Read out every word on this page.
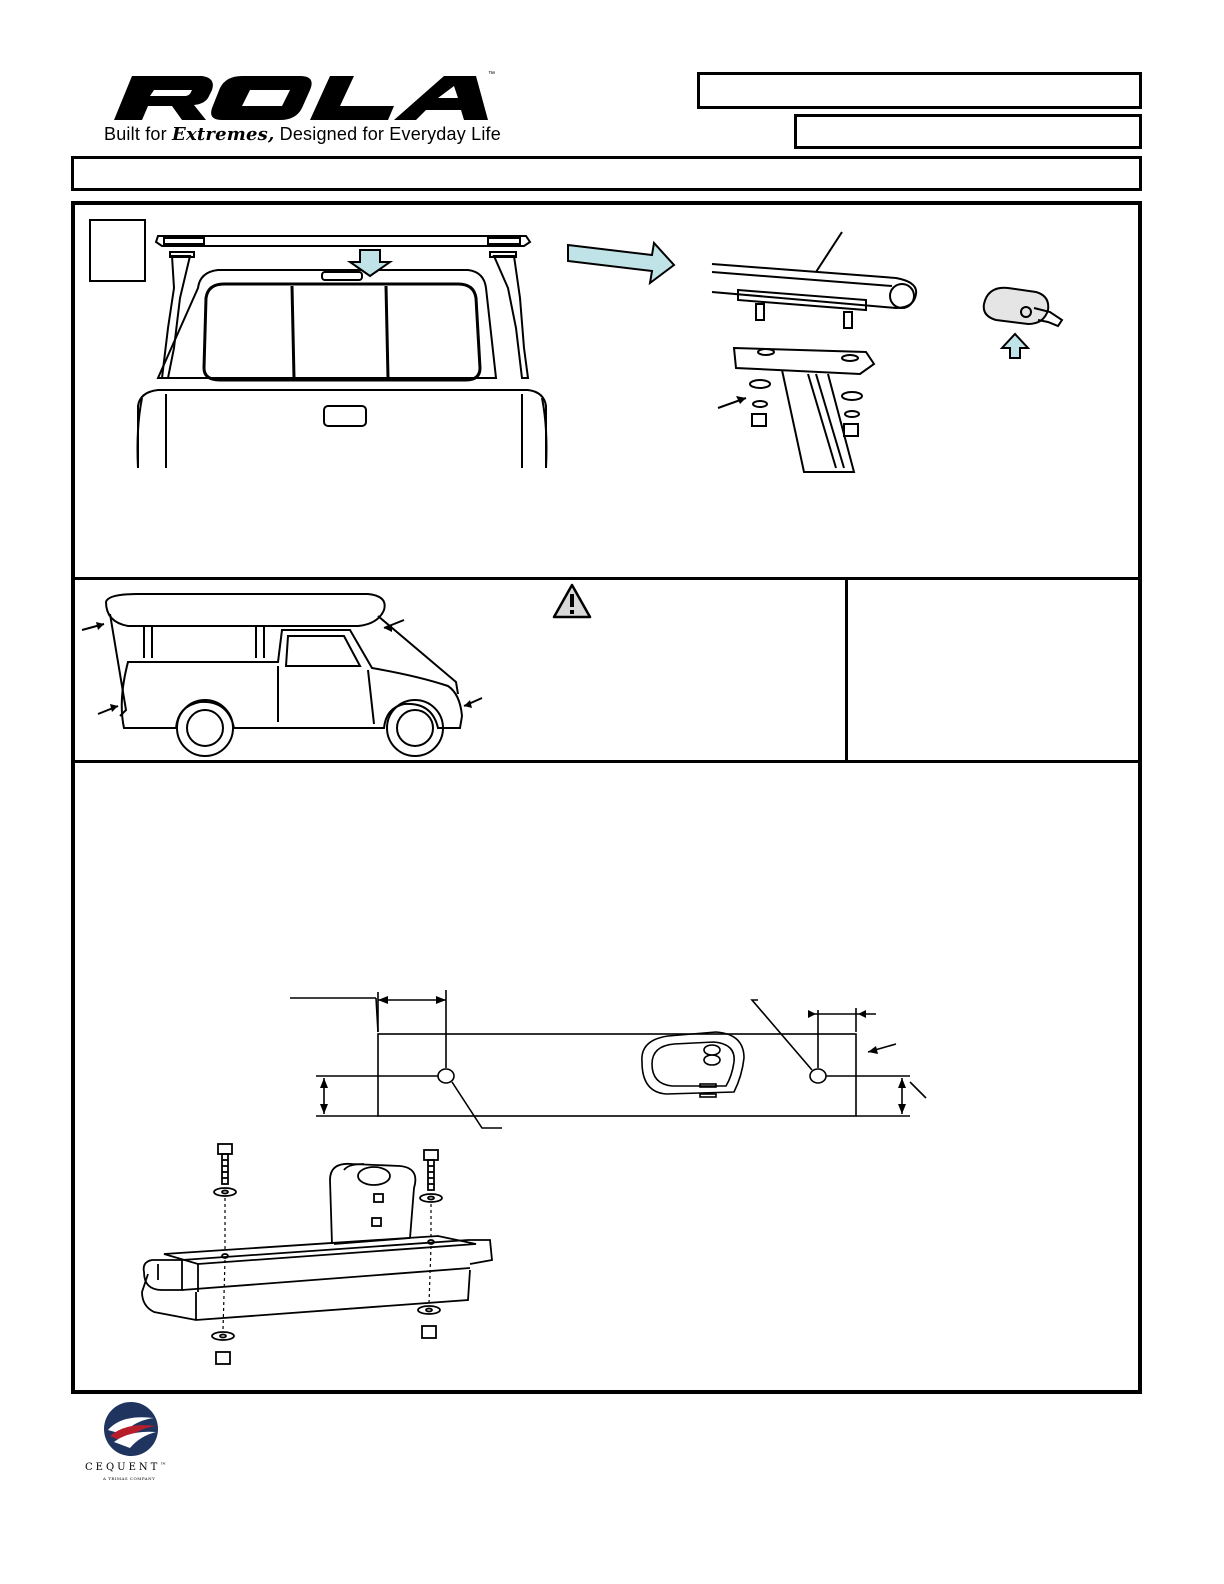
™
Built for Extremes, Designed for Everyday Life
CEQUENT™
A TRIMAS COMPANY
